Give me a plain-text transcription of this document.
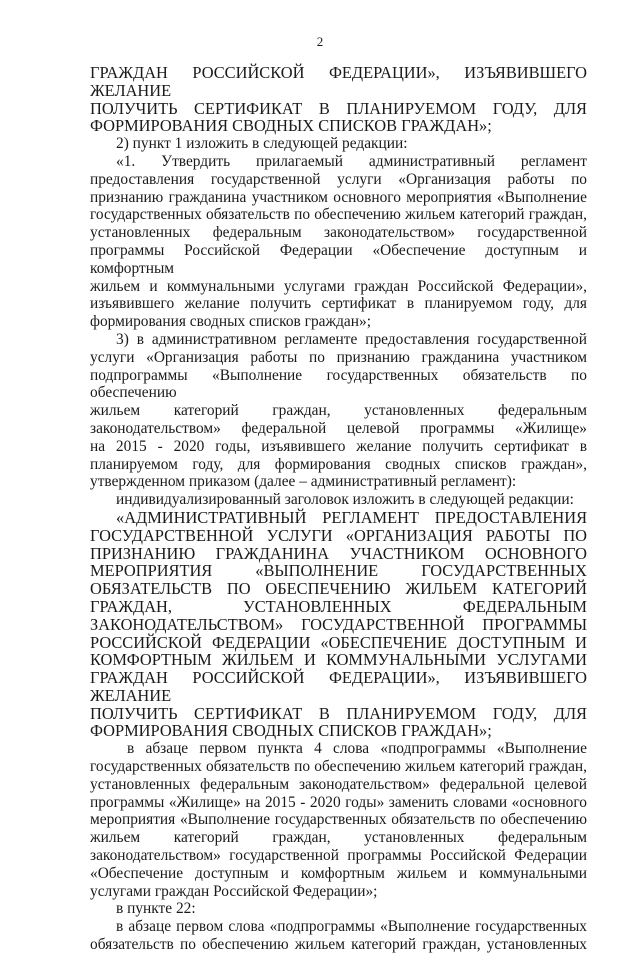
2
ГРАЖДАН РОССИЙСКОЙ ФЕДЕРАЦИИ», ИЗЪЯВИВШЕГО ЖЕЛАНИЕ
ПОЛУЧИТЬ СЕРТИФИКАТ В ПЛАНИРУЕМОМ ГОДУ, ДЛЯ
ФОРМИРОВАНИЯ СВОДНЫХ СПИСКОВ ГРАЖДАН»;
2) пункт 1 изложить в следующей редакции:
«1. Утвердить прилагаемый административный регламент
предоставления государственной услуги «Организация работы по
признанию гражданина участником основного мероприятия «Выполнение
государственных обязательств по обеспечению жильем категорий граждан,
установленных федеральным законодательством» государственной
программы Российской Федерации «Обеспечение доступным и комфортным
жильем и коммунальными услугами граждан Российской Федерации»,
изъявившего желание получить сертификат в планируемом году, для
формирования сводных списков граждан»;
3) в административном регламенте предоставления государственной
услуги «Организация работы по признанию гражданина участником
подпрограммы «Выполнение государственных обязательств по обеспечению
жильем категорий граждан, установленных федеральным
законодательством» федеральной целевой программы «Жилище»
на 2015 - 2020 годы, изъявившего желание получить сертификат в
планируемом году, для формирования сводных списков граждан»,
утвержденном приказом (далее – административный регламент):
индивидуализированный заголовок изложить в следующей редакции:
«АДМИНИСТРАТИВНЫЙ РЕГЛАМЕНТ ПРЕДОСТАВЛЕНИЯ
ГОСУДАРСТВЕННОЙ УСЛУГИ «ОРГАНИЗАЦИЯ РАБОТЫ ПО
ПРИЗНАНИЮ ГРАЖДАНИНА УЧАСТНИКОМ ОСНОВНОГО
МЕРОПРИЯТИЯ «ВЫПОЛНЕНИЕ ГОСУДАРСТВЕННЫХ
ОБЯЗАТЕЛЬСТВ ПО ОБЕСПЕЧЕНИЮ ЖИЛЬЕМ КАТЕГОРИЙ
ГРАЖДАН, УСТАНОВЛЕННЫХ ФЕДЕРАЛЬНЫМ
ЗАКОНОДАТЕЛЬСТВОМ» ГОСУДАРСТВЕННОЙ ПРОГРАММЫ
РОССИЙСКОЙ ФЕДЕРАЦИИ «ОБЕСПЕЧЕНИЕ ДОСТУПНЫМ И
КОМФОРТНЫМ ЖИЛЬЕМ И КОММУНАЛЬНЫМИ УСЛУГАМИ
ГРАЖДАН РОССИЙСКОЙ ФЕДЕРАЦИИ», ИЗЪЯВИВШЕГО ЖЕЛАНИЕ
ПОЛУЧИТЬ СЕРТИФИКАТ В ПЛАНИРУЕМОМ ГОДУ, ДЛЯ
ФОРМИРОВАНИЯ СВОДНЫХ СПИСКОВ ГРАЖДАН»;
в абзаце первом пункта 4 слова «подпрограммы «Выполнение
государственных обязательств по обеспечению жильем категорий граждан,
установленных федеральным законодательством» федеральной целевой
программы «Жилище» на 2015 - 2020 годы» заменить словами «основного
мероприятия «Выполнение государственных обязательств по обеспечению
жильем категорий граждан, установленных федеральным
законодательством» государственной программы Российской Федерации
«Обеспечение доступным и комфортным жильем и коммунальными
услугами граждан Российской Федерации»;
в пункте 22:
в абзаце первом слова «подпрограммы «Выполнение государственных
обязательств по обеспечению жильем категорий граждан, установленных
